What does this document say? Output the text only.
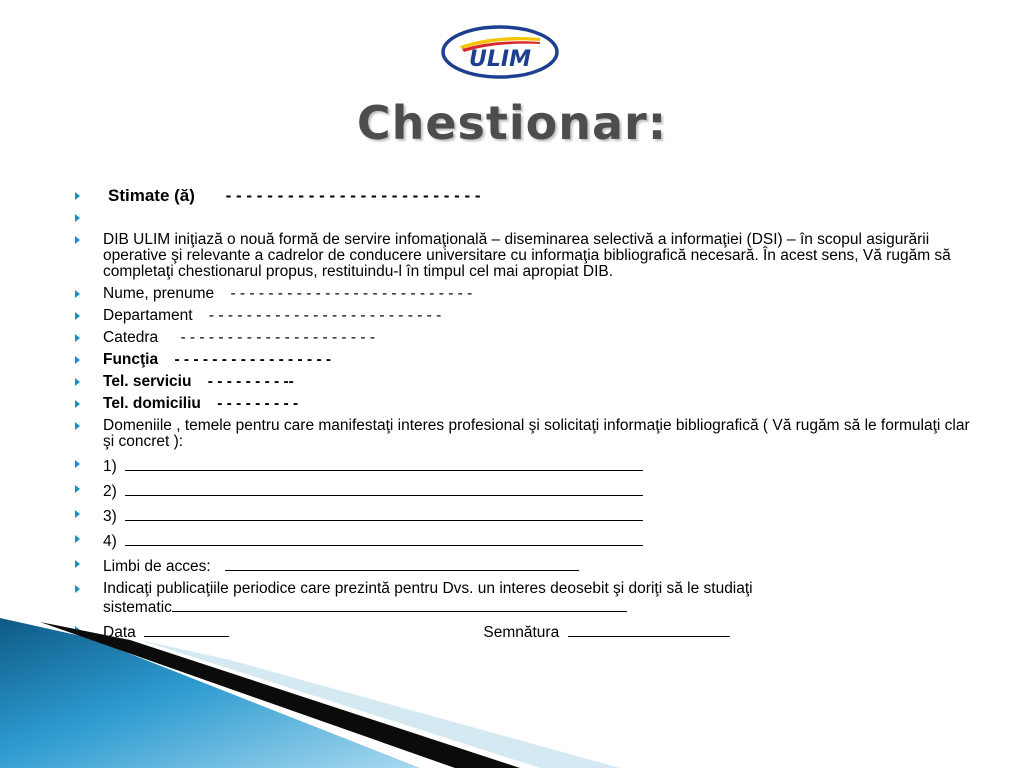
ULIM
Chestionar:
Stimate (ă) - - - - - - - - - - - - - - - - - - - - - - - - -
DIB ULIM iniţiază o nouă formă de servire infomaţională – diseminarea selectivă a informaţiei (DSI) – în scopul asigurării operative şi relevante a cadrelor de conducere universitare cu informaţia bibliografică necesară. În acest sens, Vă rugăm să completaţi chestionarul propus, restituindu-l în timpul cel mai apropiat DIB.
Nume, prenume - - - - - - - - - - - - - - - - - - - - - - - - - -
Departament - - - - - - - - - - - - - - - - - - - - - - - - -
Catedra - - - - - - - - - - - - - - - - - - - - -
Funcţia - - - - - - - - - - - - - - - - -
Tel. serviciu - - - - - - - - --
Tel. domiciliu - - - - - - - - -
Domeniile , temele pentru care manifestaţi interes profesional şi solicitaţi informaţie bibliografică ( Vă rugăm să le formulaţi clar şi concret ):
1)
2)
3)
4)
Limbi de acces:
Indicaţi publicaţiile periodice care prezintă pentru Dvs. un interes deosebit şi doriţi să le studiaţi
sistematic
Data	Semnătura
